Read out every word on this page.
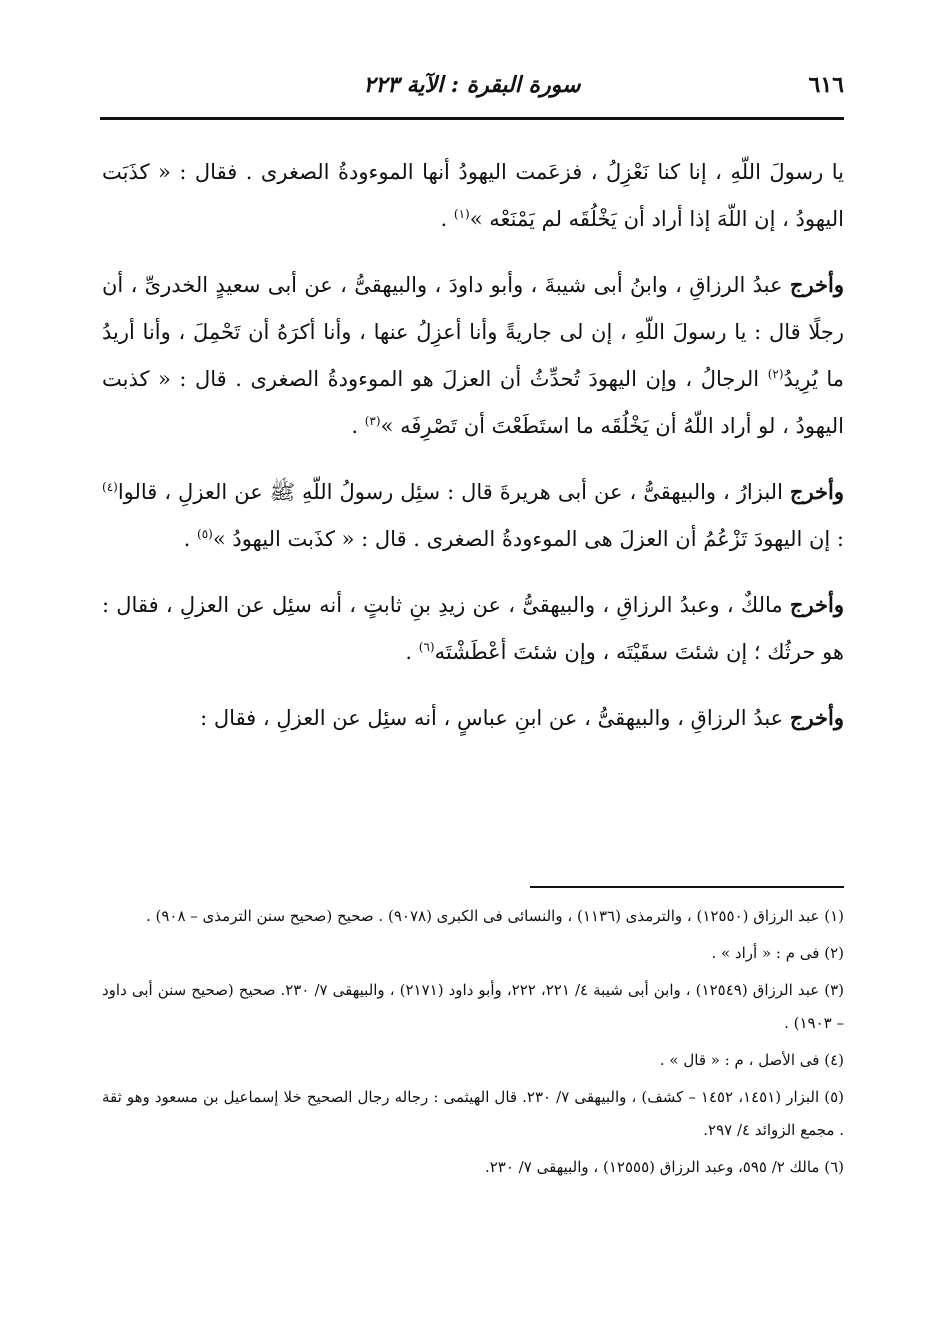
٦١٦
سورة البقرة : الآية ٢٢٣

يا رسولَ اللّهِ ، إنا كنا نَعْزِلُ ، فزعَمت اليهودُ أنها الموءودةُ الصغرى . فقال : « كذَبَت اليهودُ ، إن اللّهَ إذا أراد أن يَخْلُقَه لم يَمْنَعْه »$^{(١)}$ .

وأخرج عبدُ الرزاقِ ، وابنُ أبى شيبةَ ، وأبو داودَ ، والبيهقىُّ ، عن أبى سعيدٍ الخدرىِّ ، أن رجلًا قال : يا رسولَ اللّهِ ، إن لى جاريةً وأنا أعزِلُ عنها ، وأنا أكرَهُ أن تَحْمِلَ ، وأنا أريدُ ما يُرِيدُ$^{(٢)}$ الرجالُ ، وإن اليهودَ تُحدِّثُ أن العزلَ هو الموءودةُ الصغرى . قال : « كذبت اليهودُ ، لو أراد اللّهُ أن يَخْلُقَه ما استَطَعْتَ أن تَصْرِفَه »$^{(٣)}$ .

وأخرج البزارُ ، والبيهقىُّ ، عن أبى هريرةَ قال : سئِل رسولُ اللّهِ ﷺ عن العزلِ ، قالوا$^{(٤)}$ : إن اليهودَ تَزْعُمُ أن العزلَ هى الموءودةُ الصغرى . قال : « كذَبت اليهودُ »$^{(٥)}$ .

وأخرج مالكٌ ، وعبدُ الرزاقِ ، والبيهقىُّ ، عن زيدِ بنِ ثابتٍ ، أنه سئِل عن العزلِ ، فقال : هو حرثُك ؛ إن شئتَ سقَيْتَه ، وإن شئتَ أعْطَشْتَه$^{(٦)}$ .

وأخرج عبدُ الرزاقِ ، والبيهقىُّ ، عن ابنِ عباسٍ ، أنه سئِل عن العزلِ ، فقال :

(١) عبد الرزاق (١٢٥٥٠) ، والترمذى (١١٣٦) ، والنسائى فى الكبرى (٩٠٧٨) . صحيح (صحيح سنن الترمذى – ٩٠٨) .

(٢) فى م : « أراد » .

(٣) عبد الرزاق (١٢٥٤٩) ، وابن أبى شيبة ٤/ ٢٢١، ٢٢٢، وأبو داود (٢١٧١) ، والبيهقى ٧/ ٢٣٠. صحيح (صحيح سنن أبى داود – ١٩٠٣) .

(٤) فى الأصل ، م : « قال » .

(٥) البزار (١٤٥١، ١٤٥٢ – كشف) ، والبيهقى ٧/ ٢٣٠. قال الهيثمى : رجاله رجال الصحيح خلا إسماعيل بن مسعود وهو ثقة . مجمع الزوائد ٤/ ٢٩٧.

(٦) مالك ٢/ ٥٩٥، وعبد الرزاق (١٢٥٥٥) ، والبيهقى ٧/ ٢٣٠.
